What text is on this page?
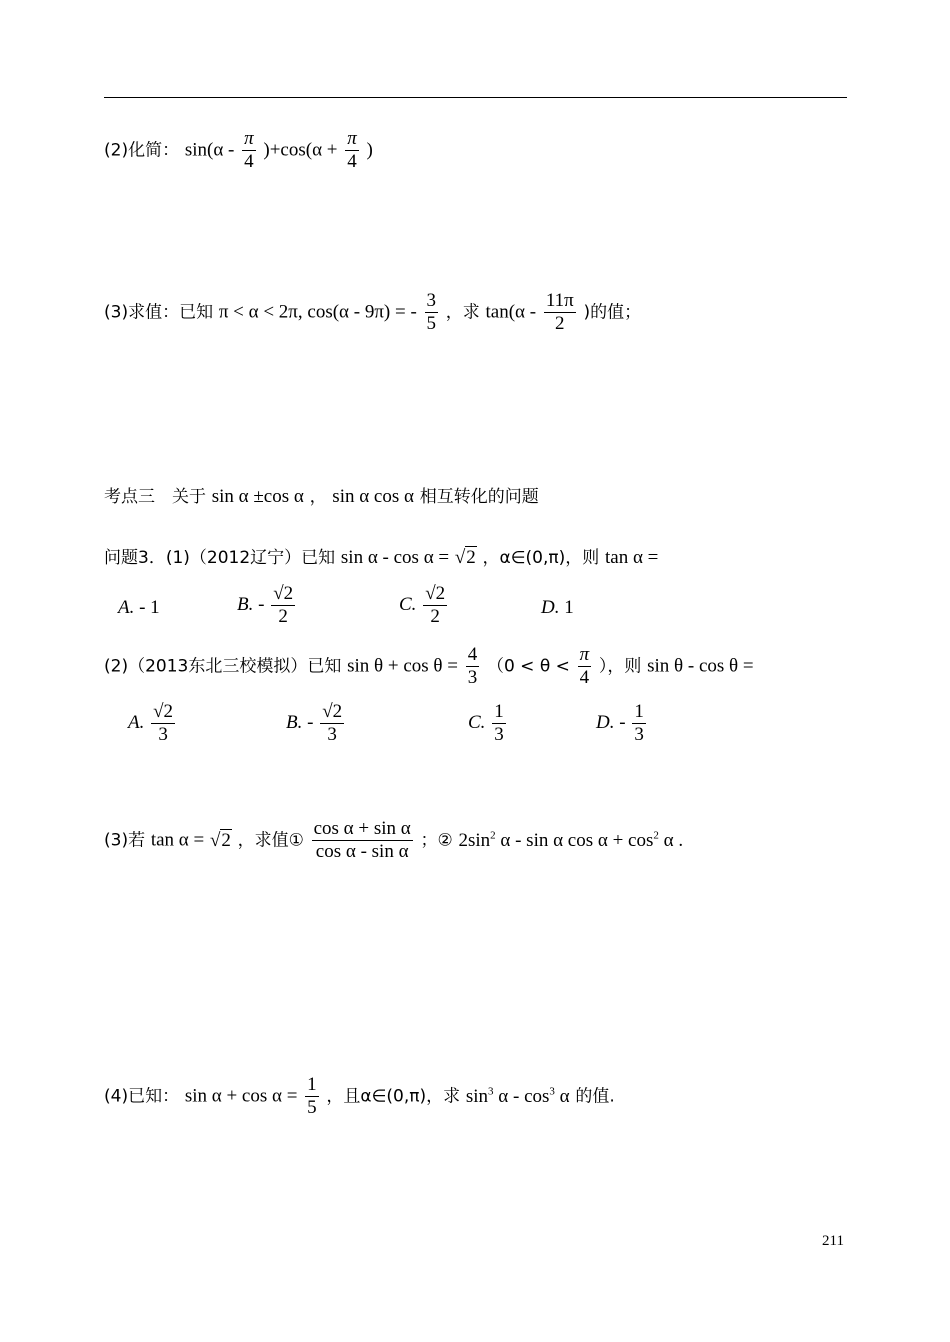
(2)化简： $\sin(\alpha - \frac{\pi}{4} )+\cos(\alpha + \frac{\pi}{4}$ )
(3)求值：已知 π < α < 2π, cos(α - 9π) = - $\frac{3}{5}$ ，求 $\tan(\alpha - \frac{11\pi}{2}$ )的值；
考点三　关于 sin α ±cos α ， sin α cos α 相互转化的问题
问题3．(1)（2012辽宁）已知 sin α - cos α = √2 ，α∈(0,π)，则 tan α =
A. - 1	B. - $\frac{√2}{2}$	C. $\frac{√2}{2}$	D. 1
(2)（2013东北三校模拟）已知 $\sin \theta + \cos \theta = \frac{4}{3} (0 < \theta < \frac{\pi}{4}$ ），则 sin θ - cos θ =
A. $\frac{√2}{3}$	B. - $\frac{√2}{3}$	C. $\frac{1}{3}$	D. - $\frac{1}{3}$
(3)若 tan α = √2 ，求值① $\frac{\text{cos α + sin α}}{\text{cos α - sin α}}$ ；② $2\sin^2$ α - sin α $\cos \alpha + \cos^2 \alpha$ .
(4)已知： $\sin \alpha + \cos \alpha = \frac{1}{5}$ ，且α∈(0,π)，求 $\sin^3 \alpha - \cos^3 \alpha$ 的值.
211
